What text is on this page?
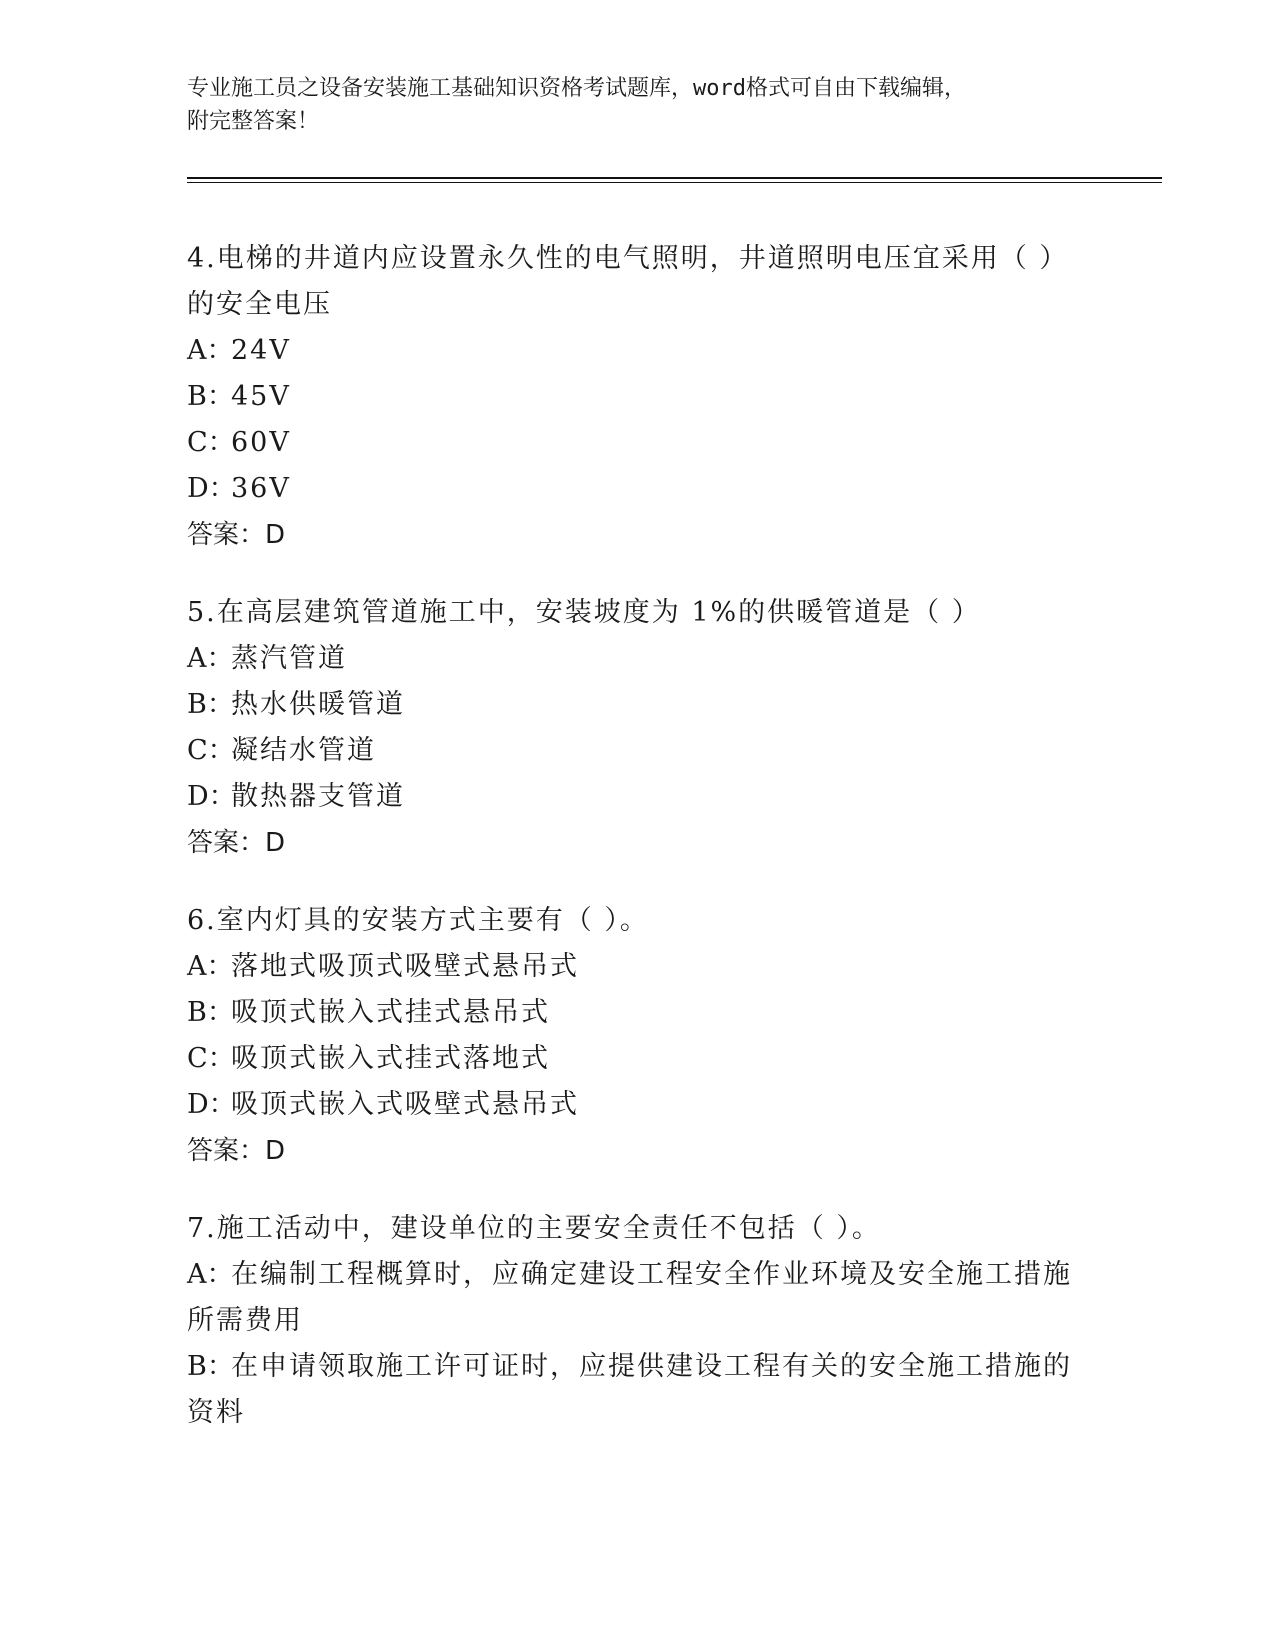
专业施工员之设备安装施工基础知识资格考试题库，word格式可自由下载编辑，
附完整答案！
4.电梯的井道内应设置永久性的电气照明，井道照明电压宜采用（ ）
的安全电压
A：24V
B：45V
C：60V
D：36V
答案：D
5.在高层建筑管道施工中，安装坡度为 1%的供暖管道是（ ）
A：蒸汽管道
B：热水供暖管道
C：凝结水管道
D：散热器支管道
答案：D
6.室内灯具的安装方式主要有（ ）。
A：落地式吸顶式吸壁式悬吊式
B：吸顶式嵌入式挂式悬吊式
C：吸顶式嵌入式挂式落地式
D：吸顶式嵌入式吸壁式悬吊式
答案：D
7.施工活动中，建设单位的主要安全责任不包括（ ）。
A：在编制工程概算时，应确定建设工程安全作业环境及安全施工措施
所需费用
B：在申请领取施工许可证时，应提供建设工程有关的安全施工措施的
资料
